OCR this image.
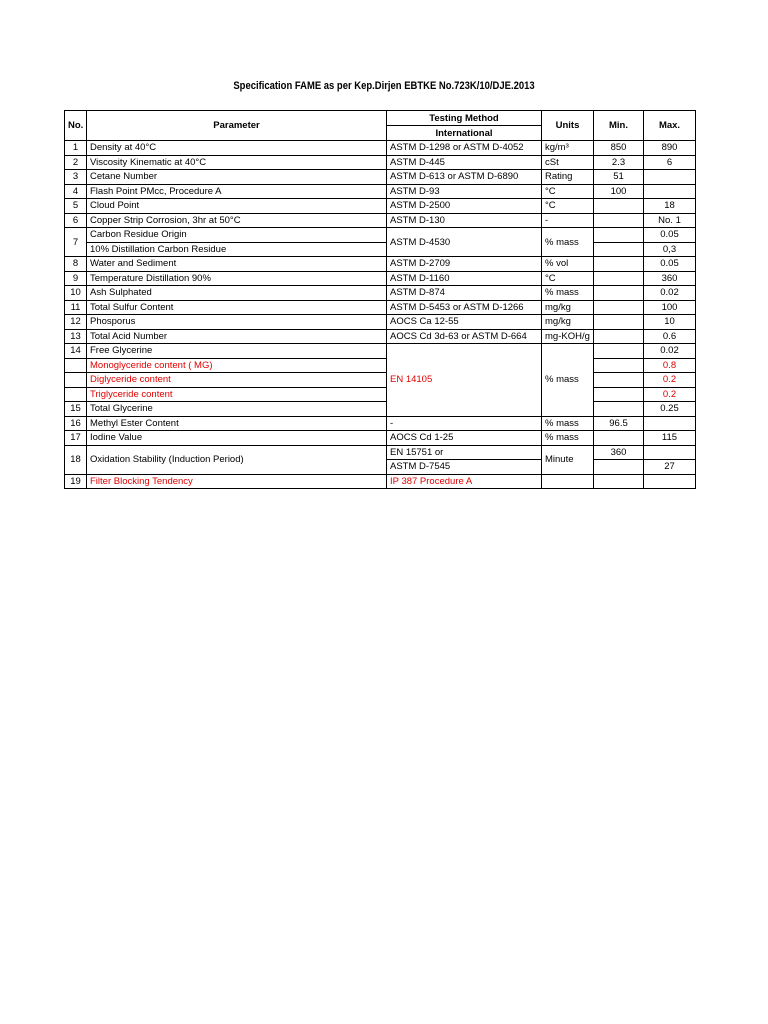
Specification FAME as per Kep.Dirjen EBTKE No.723K/10/DJE.2013
No.	Parameter	Testing Method	Units	Min.	Max.
		International			
1	Density at 40°C	ASTM D-1298 or ASTM D-4052	kg/m³	850	890
2	Viscosity Kinematic at 40°C	ASTM D-445	cSt	2.3	6
3	Cetane Number	ASTM D-613 or ASTM D-6890	Rating	51	
4	Flash Point PMcc, Procedure A	ASTM D-93	°C	100	
5	Cloud Point	ASTM D-2500	°C		18
6	Copper Strip Corrosion, 3hr at 50°C	ASTM D-130	-		No. 1
7	Carbon Residue Origin	ASTM D-4530	% mass		0.05
	10% Distillation Carbon Residue				0,3
8	Water and Sediment	ASTM D-2709	% vol		0.05
9	Temperature Distillation 90%	ASTM D-1160	°C		360
10	Ash Sulphated	ASTM D-874	% mass		0.02
11	Total Sulfur Content	ASTM D-5453 or ASTM D-1266	mg/kg		100
12	Phosporus	AOCS Ca 12-55	mg/kg		10
13	Total Acid Number	AOCS Cd 3d-63 or ASTM D-664	mg-KOH/g		0.6
14	Free Glycerine	EN 14105	% mass		0.02
	Monoglyceride content ( MG)				0.8
	Diglyceride content				0.2
	Triglyceride content				0.2
15	Total Glycerine				0.25
16	Methyl Ester Content	-	% mass	96.5	
17	Iodine Value	AOCS Cd 1-25	% mass		115
18	Oxidation Stability (Induction Period)	EN 15751 or	Minute	360	
		ASTM D-7545			27
19	Filter Blocking Tendency	IP 387 Procedure A			
